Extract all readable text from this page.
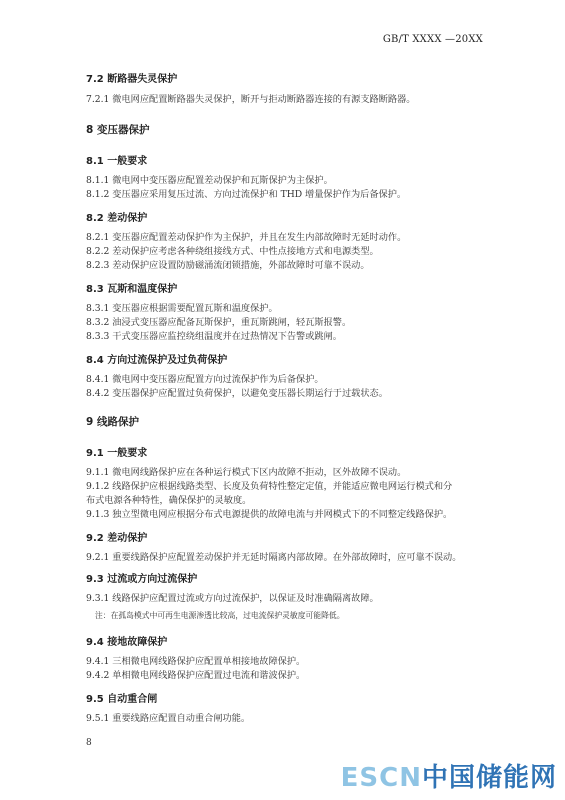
GB/T XXXX —20XX
7.2 断路器失灵保护
7.2.1 微电网应配置断路器失灵保护，断开与拒动断路器连接的有源支路断路器。
8 变压器保护
8.1 一般要求
8.1.1 微电网中变压器应配置差动保护和瓦斯保护为主保护。
8.1.2 变压器应采用复压过流、方向过流保护和 THD 增量保护作为后备保护。
8.2 差动保护
8.2.1 变压器应配置差动保护作为主保护，并且在发生内部故障时无延时动作。
8.2.2 差动保护应考虑各种绕组接线方式、中性点接地方式和电源类型。
8.2.3 差动保护应设置防励磁涌流闭锁措施，外部故障时可靠不误动。
8.3 瓦斯和温度保护
8.3.1 变压器应根据需要配置瓦斯和温度保护。
8.3.2 油浸式变压器应配备瓦斯保护，重瓦斯跳闸，轻瓦斯报警。
8.3.3 干式变压器应监控绕组温度并在过热情况下告警或跳闸。
8.4 方向过流保护及过负荷保护
8.4.1 微电网中变压器应配置方向过流保护作为后备保护。
8.4.2 变压器保护应配置过负荷保护，以避免变压器长期运行于过载状态。
9 线路保护
9.1 一般要求
9.1.1 微电网线路保护应在各种运行模式下区内故障不拒动，区外故障不误动。
9.1.2 线路保护应根据线路类型、长度及负荷特性整定定值，并能适应微电网运行模式和分
布式电源各种特性，确保保护的灵敏度。
9.1.3 独立型微电网应根据分布式电源提供的故障电流与并网模式下的不同整定线路保护。
9.2 差动保护
9.2.1 重要线路保护应配置差动保护并无延时隔离内部故障。在外部故障时，应可靠不误动。
9.3 过流或方向过流保护
9.3.1 线路保护应配置过流或方向过流保护，以保证及时准确隔离故障。
注：在孤岛模式中可再生电源渗透比较高，过电流保护灵敏度可能降低。
9.4 接地故障保护
9.4.1 三相微电网线路保护应配置单相接地故障保护。
9.4.2 单相微电网线路保护应配置过电流和谐波保护。
9.5 自动重合闸
9.5.1 重要线路应配置自动重合闸功能。
8
ESCN中国储能网
